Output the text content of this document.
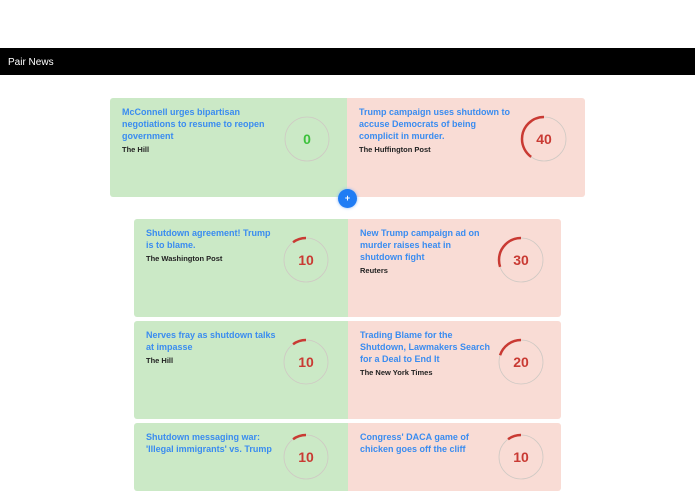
Pair News
McConnell urges bipartisan negotiations to resume to reopen government
The Hill
0
Trump campaign uses shutdown to accuse Democrats of being complicit in murder.
The Huffington Post
40
+
Shutdown agreement! Trump is to blame.
The Washington Post	10
New Trump campaign ad on murder raises heat in shutdown fight
Reuters
30
Nerves fray as shutdown talks at impasse
The Hill	10
Trading Blame for the Shutdown, Lawmakers Search for a Deal to End It
The New York Times
20
Shutdown messaging war: 'Illegal immigrants' vs. Trump	10
Congress' DACA game of chicken goes off the cliff	10
